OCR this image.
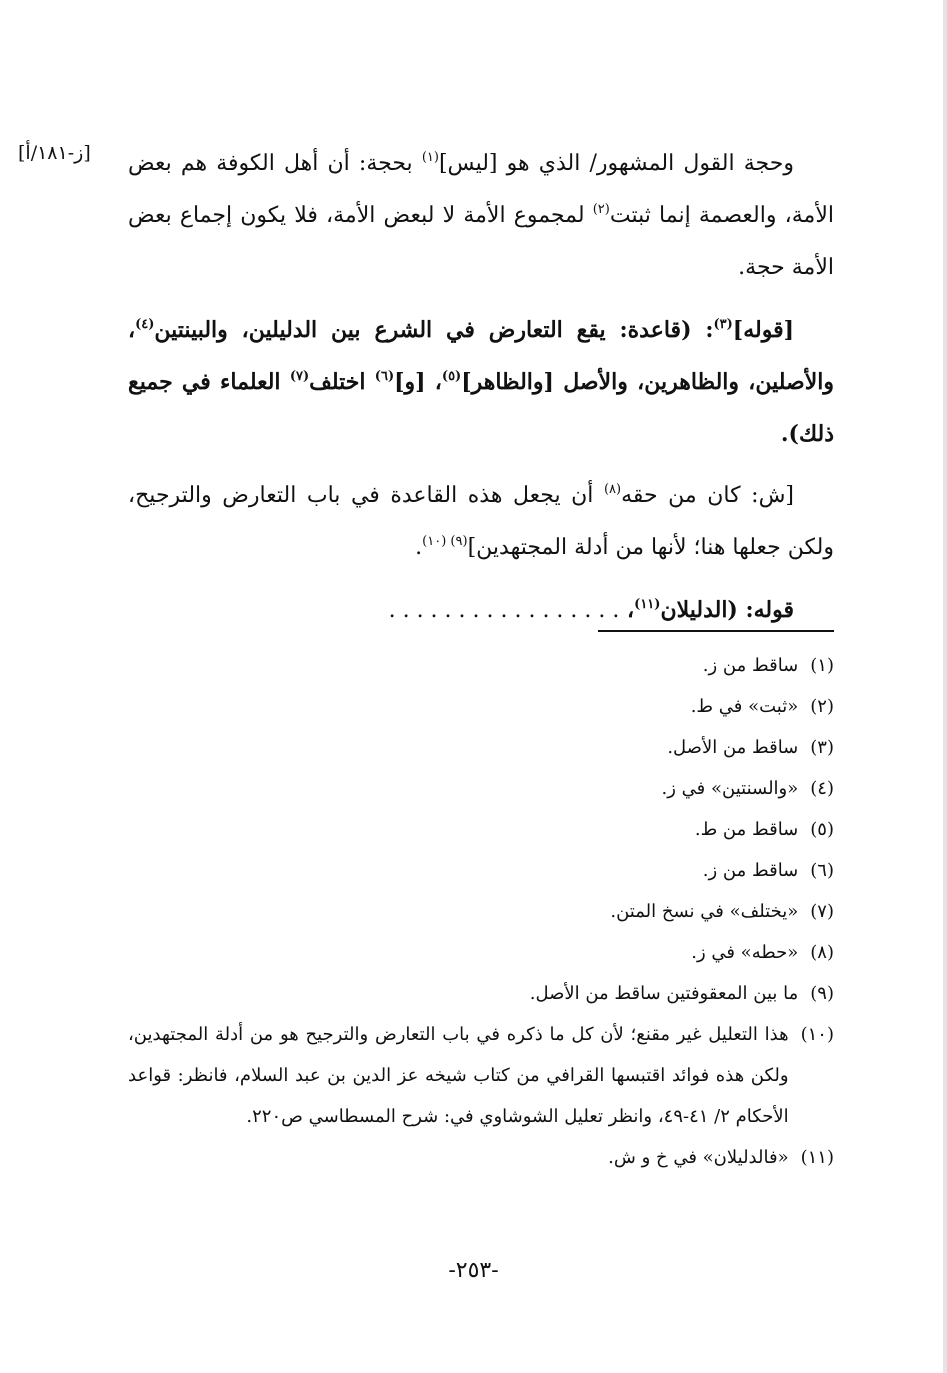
[ز-١٨١/أ]	وحجة القول المشهور/ الذي هو [ليس]$^{(١)}$ بحجة: أن أهل الكوفة هم بعض الأمة، والعصمة إنما ثبتت$^{(٢)}$ لمجموع الأمة لا لبعض الأمة، فلا يكون إجماع بعض الأمة حجة.

[قوله]$^{(٣)}$: (قاعدة: يقع التعارض في الشرع بين الدليلين، والبينتين$^{(٤)}$، والأصلين، والظاهرين، والأصل [والظاهر]$^{(٥)}$، [و]$^{(٦)}$ اختلف$^{(٧)}$ العلماء في جميع ذلك).

[ش: كان من حقه$^{(٨)}$ أن يجعل هذه القاعدة في باب التعارض والترجيح، ولكن جعلها هنا؛ لأنها من أدلة المجتهدين]$^{(٩) (١٠)}$.

قوله: (الدليلان$^{(١١)}$، . . . . . . . . . . . . . . . . .

(١)
ساقط من ز.
(٢)
«ثبت» في ط.
(٣)
ساقط من الأصل.
(٤)
«والسنتين» في ز.
(٥)
ساقط من ط.
(٦)
ساقط من ز.
(٧)
«يختلف» في نسخ المتن.
(٨)
«حطه» في ز.
(٩)
ما بين المعقوفتين ساقط من الأصل.
(١٠)
هذا التعليل غير مقنع؛ لأن كل ما ذكره في باب التعارض والترجيح هو من أدلة المجتهدين، ولكن هذه فوائد اقتبسها القرافي من كتاب شيخه عز الدين بن عبد السلام، فانظر: قواعد الأحكام ٢/ ٤١-٤٩، وانظر تعليل الشوشاوي في: شرح المسطاسي ص٢٢٠.
(١١)
«فالدليلان» في خ و ش.
-٢٥٣-
